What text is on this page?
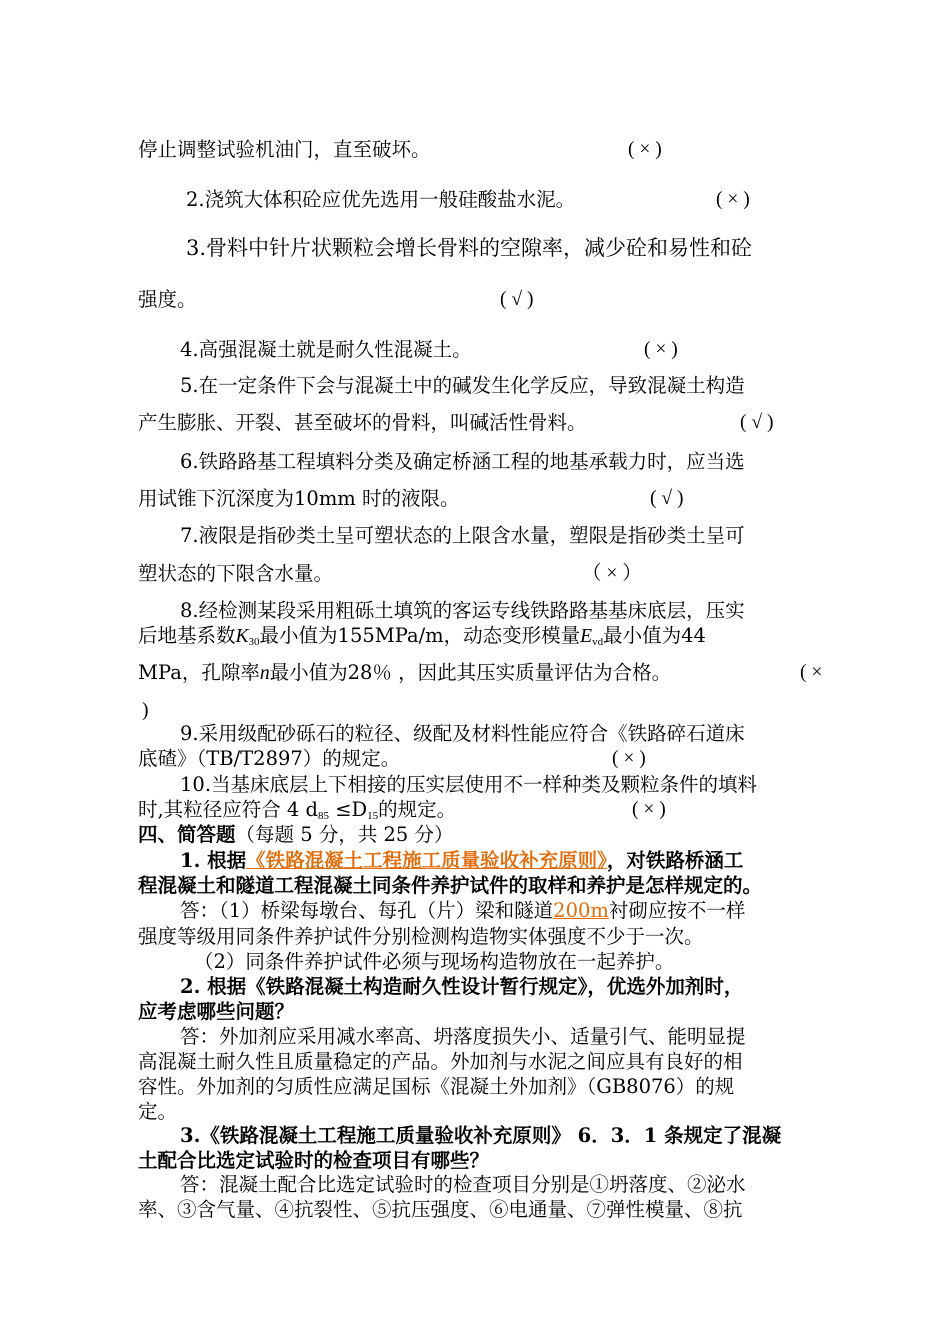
停止调整试验机油门，直至破坏。	( × )
2.浇筑大体积砼应优先选用一般硅酸盐水泥。	( × )
3.骨料中针片状颗粒会增长骨料的空隙率，减少砼和易性和砼
强度。	( √ )
4.高强混凝土就是耐久性混凝土。	( × )
5.在一定条件下会与混凝土中的碱发生化学反应，导致混凝土构造
产生膨胀、开裂、甚至破坏的骨料，叫碱活性骨料。	( √ )
6.铁路路基工程填料分类及确定桥涵工程的地基承载力时，应当选
用试锥下沉深度为10mm 时的液限。	( √ )
7.液限是指砂类土呈可塑状态的上限含水量，塑限是指砂类土呈可
塑状态的下限含水量。	（ × ）
8.经检测某段采用粗砾土填筑的客运专线铁路路基基床底层，压实
后地基系数$K_{30}$最小值为155MPa/m，动态变形模量$E_{vd}$最小值为44
MPa，孔隙率n最小值为28％ ，因此其压实质量评估为合格。	( ×
)
9.采用级配砂砾石的粒径、级配及材料性能应符合《铁路碎石道床
底碴》（TB/T2897）的规定。	( × )
10.当基床底层上下相接的压实层使用不一样种类及颗粒条件的填料
时,其粒径应符合 4 $d_{85} \le D_{15}$的规定。	( × )
四、简答题（每题 5 分，共 25 分）
1. 根据《铁路混凝土工程施工质量验收补充原则》，对铁路桥涵工
程混凝土和隧道工程混凝土同条件养护试件的取样和养护是怎样规定的。
答：（1）桥梁每墩台、每孔（片）梁和隧道200m衬砌应按不一样
强度等级用同条件养护试件分别检测构造物实体强度不少于一次。
（2）同条件养护试件必须与现场构造物放在一起养护。
2. 根据《铁路混凝土构造耐久性设计暂行规定》，优选外加剂时，
应考虑哪些问题？
答：外加剂应采用减水率高、坍落度损失小、适量引气、能明显提
高混凝土耐久性且质量稳定的产品。外加剂与水泥之间应具有良好的相
容性。外加剂的匀质性应满足国标《混凝土外加剂》（GB8076）的规
定。
3.《铁路混凝土工程施工质量验收补充原则》 6．3．1 条规定了混凝
土配合比选定试验时的检查项目有哪些？
答：混凝土配合比选定试验时的检查项目分别是①坍落度、②泌水
率、③含气量、④抗裂性、⑤抗压强度、⑥电通量、⑦弹性模量、⑧抗
